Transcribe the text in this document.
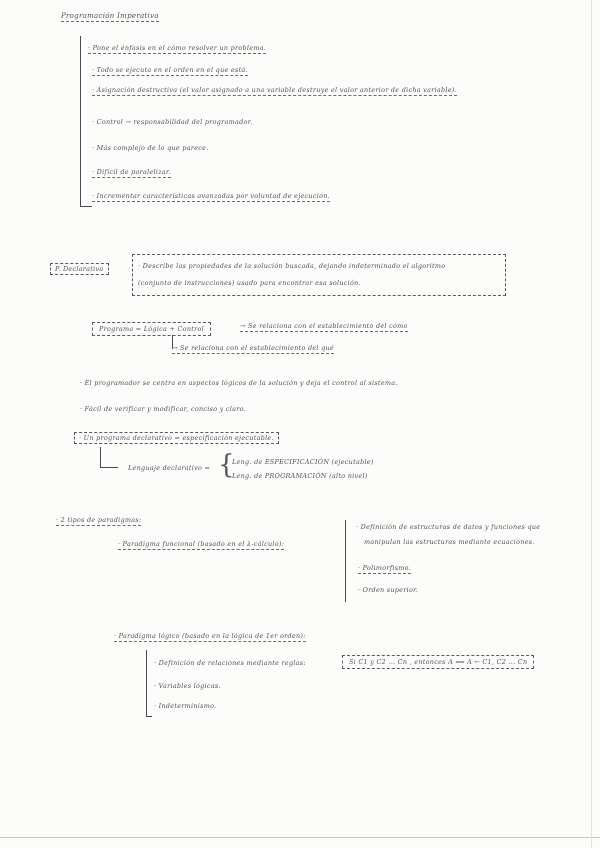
Programación Imperativa
· Pone el énfasis en el cómo resolver un problema.
· Todo se ejecuta en el orden en el que está.
· Asignación destructiva (el valor asignado a una variable destruye el valor anterior de dicha variable).
· Control → responsabilidad del programador.
· Más complejo de lo que parece.
· Difícil de paralelizar.
· Incrementar características avanzadas por voluntad de ejecución.
P. Declarativa	· Describe las propiedades de la solución buscada, dejando indeterminado el algoritmo
(conjunto de instrucciones) usado para encontrar esa solución.
Programa = Lógica + Control	→ Se relaciona con el establecimiento del cómo
→ Se relaciona con el establecimiento del qué
· El programador se centra en aspectos lógicos de la solución y deja el control al sistema.
· Fácil de verificar y modificar, conciso y claro.
· Un programa declarativo = especificación ejecutable.
Lenguaje declarativo = {
Leng. de ESPECIFICACIÓN (ejecutable)
Leng. de PROGRAMACIÓN (alto nivel)
· 2 tipos de paradigmas:
· Paradigma funcional (basado en el λ-cálculo):
· Definición de estructuras de datos y funciones que
manipulan las estructuras mediante ecuaciones.
· Polimorfismo.
· Orden superior.
· Paradigma lógico (basado en la lógica de 1er orden):
· Definición de relaciones mediante reglas:
· Variables lógicas.
· Indeterminismo.
Si C1 y C2 ... Cn , entonces A ⟺ A ← C1, C2 ... Cn
